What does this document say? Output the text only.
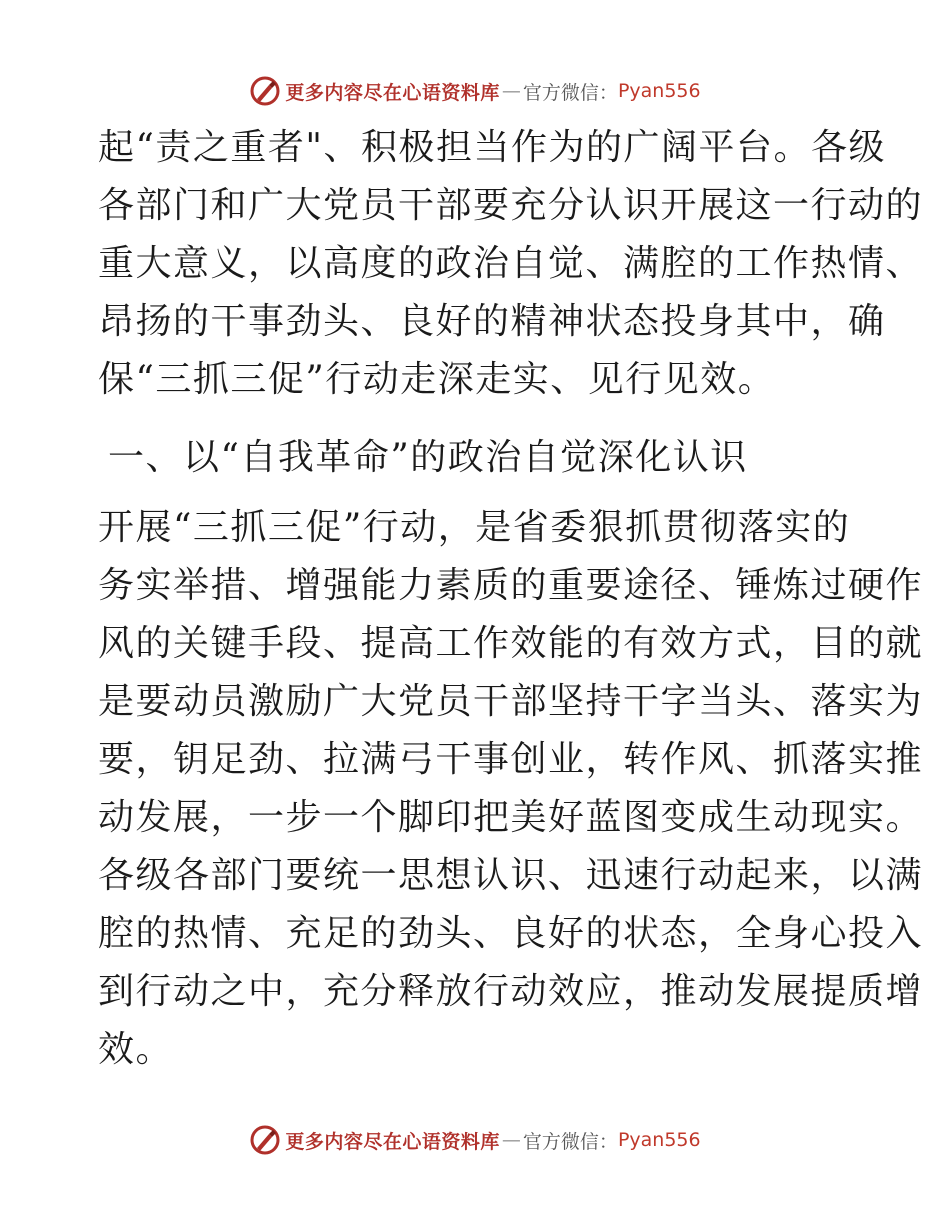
更多内容尽在心语资料库 — 官方微信： Pyan556
起“责之重者"、积极担当作为的广阔平台。各级
各部门和广大党员干部要充分认识开展这一行动的
重大意义，以高度的政治自觉、满腔的工作热情、
昂扬的干事劲头、良好的精神状态投身其中，确
保“三抓三促”行动走深走实、见行见效。
一、以“自我革命”的政治自觉深化认识
开展“三抓三促”行动，是省委狠抓贯彻落实的
务实举措、增强能力素质的重要途径、锤炼过硬作
风的关键手段、提高工作效能的有效方式，目的就
是要动员激励广大党员干部坚持干字当头、落实为
要，钥足劲、拉满弓干事创业，转作风、抓落实推
动发展，一步一个脚印把美好蓝图变成生动现实。
各级各部门要统一思想认识、迅速行动起来，以满
腔的热情、充足的劲头、良好的状态，全身心投入
到行动之中，充分释放行动效应，推动发展提质增
效。
更多内容尽在心语资料库 — 官方微信： Pyan556
